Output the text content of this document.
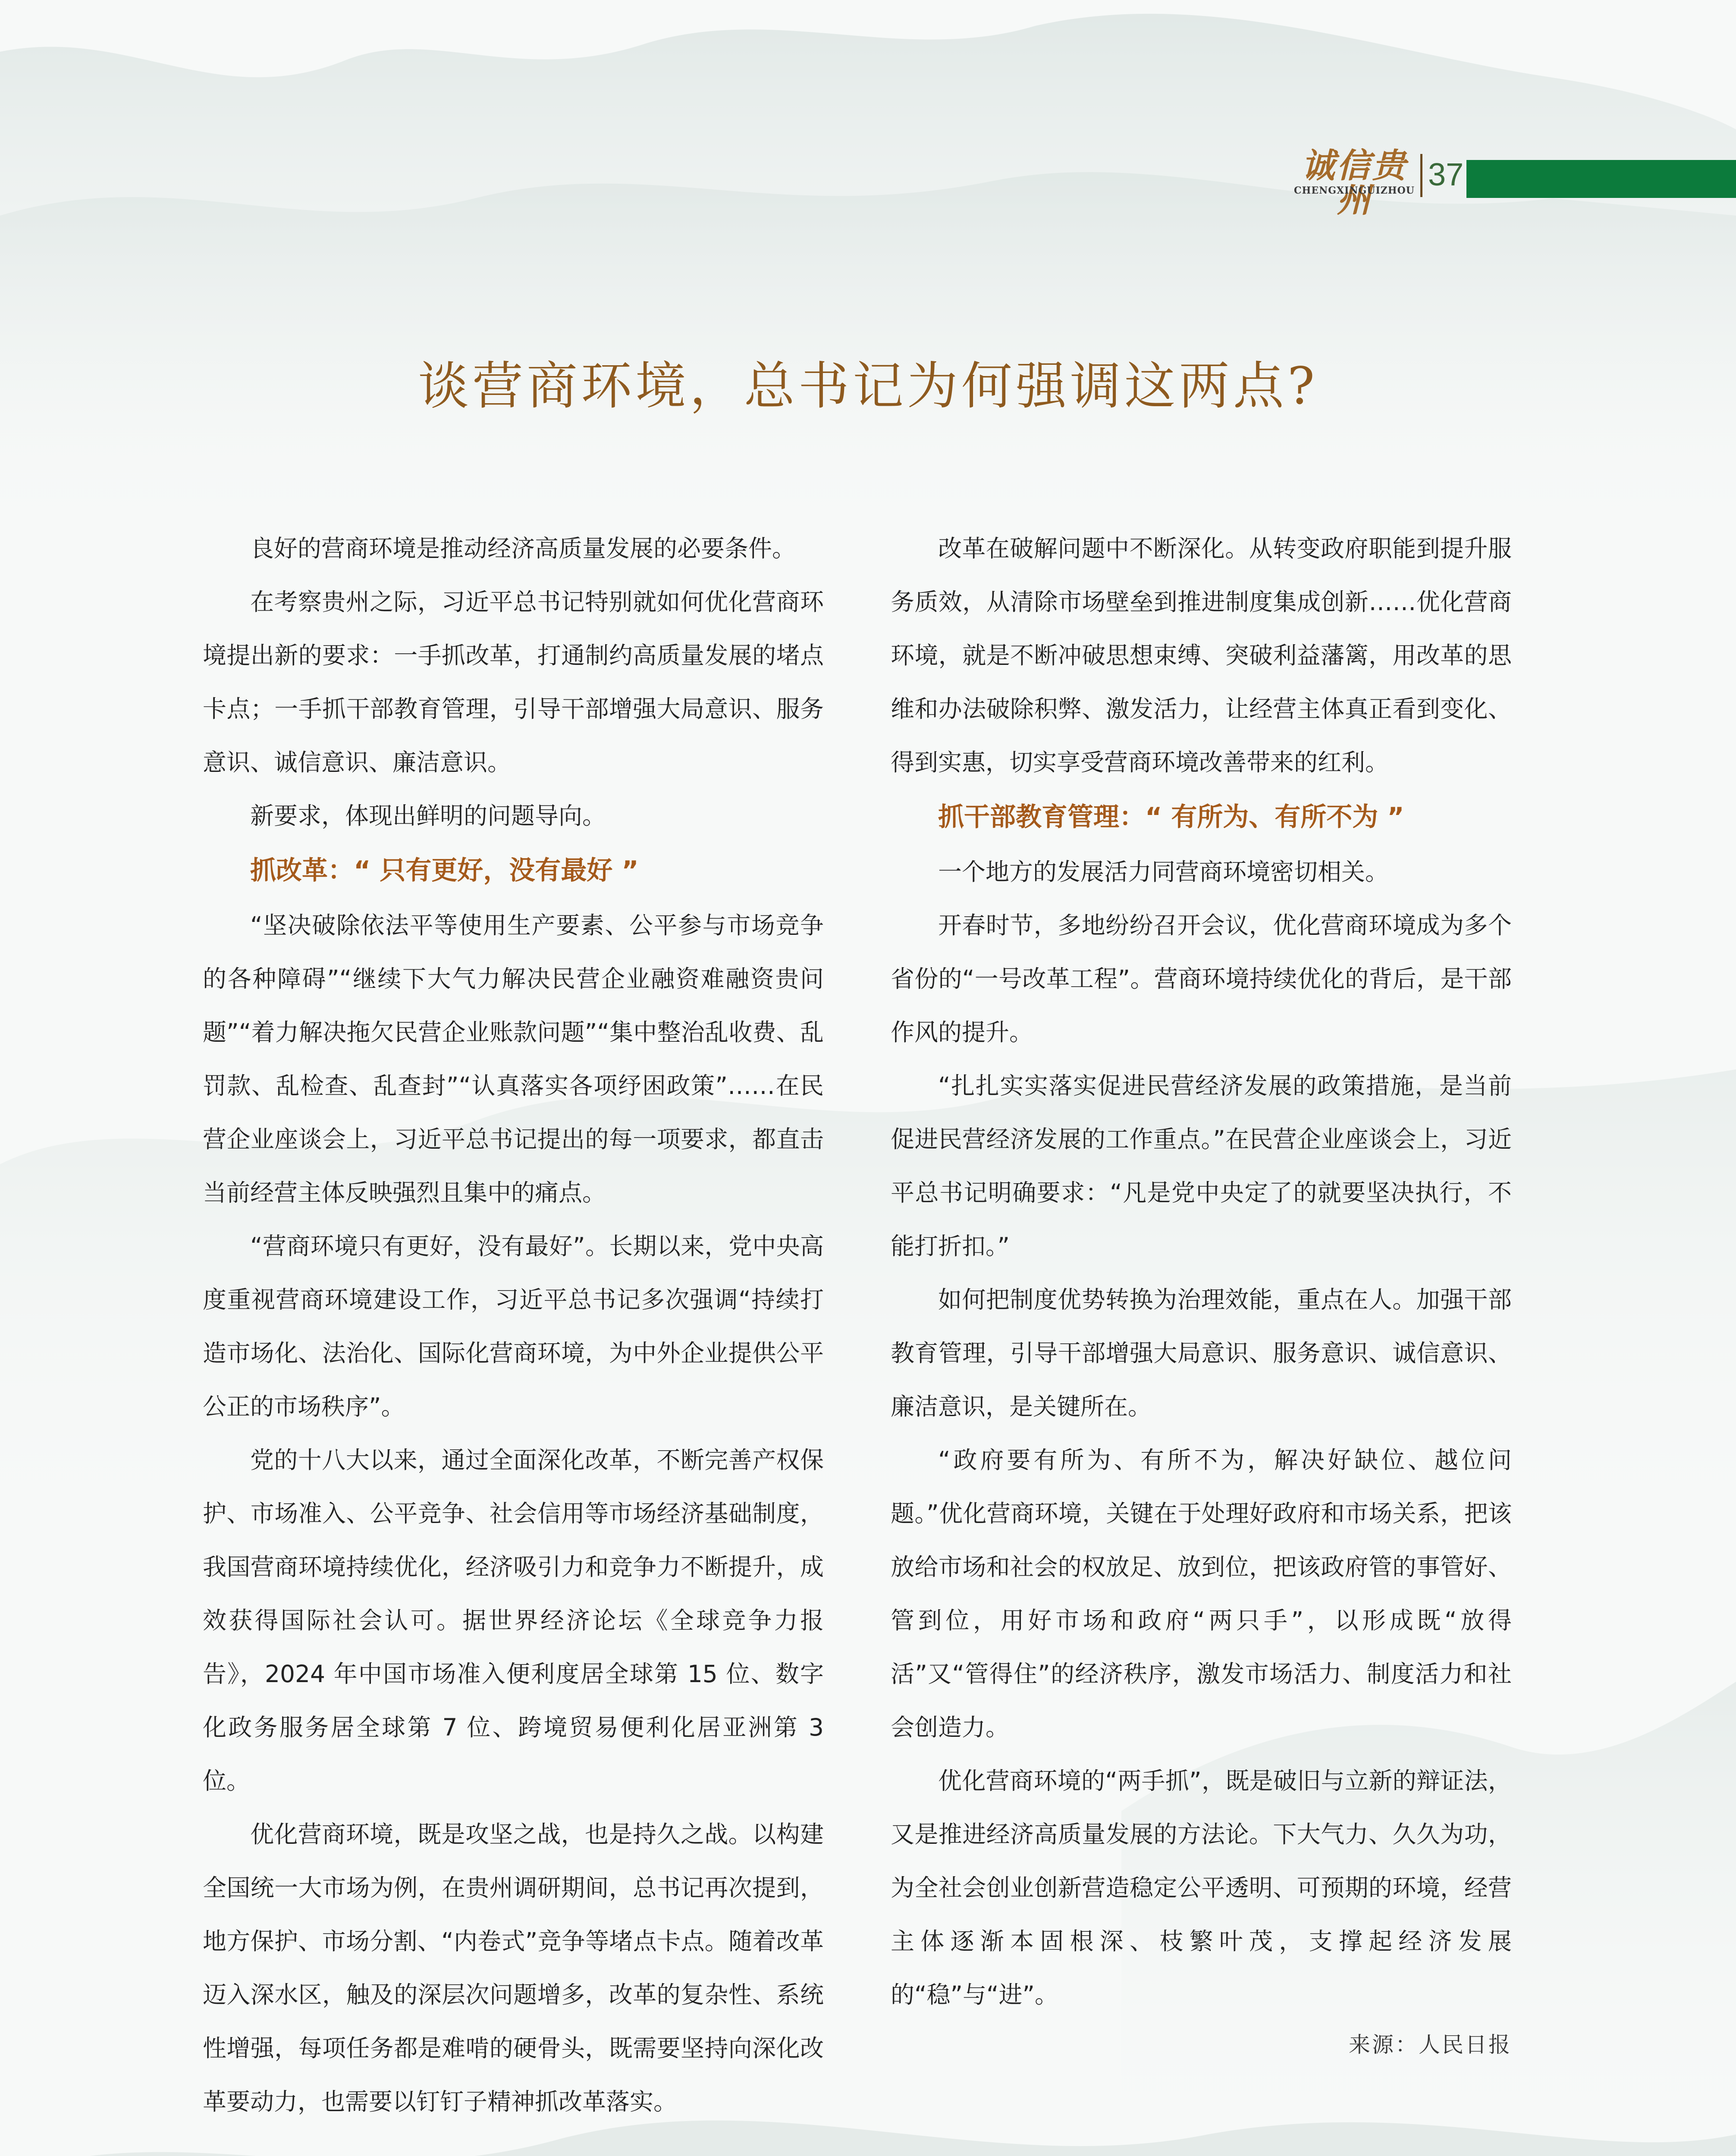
诚信贵州
CHENGXINGUIZHOU 37
谈营商环境，总书记为何强调这两点?

良好的营商环境是推动经济高质量发展的必要条件。

在考察贵州之际，习近平总书记特别就如何优化营商环境提出新的要求：一手抓改革，打通制约高质量发展的堵点卡点；一手抓干部教育管理，引导干部增强大局意识、服务意识、诚信意识、廉洁意识。

新要求，体现出鲜明的问题导向。

抓改革：“ 只有更好，没有最好 ”

“坚决破除依法平等使用生产要素、公平参与市场竞争的各种障碍”“继续下大气力解决民营企业融资难融资贵问题”“着力解决拖欠民营企业账款问题”“集中整治乱收费、乱罚款、乱检查、乱查封”“认真落实各项纾困政策”……在民营企业座谈会上，习近平总书记提出的每一项要求，都直击当前经营主体反映强烈且集中的痛点。

“营商环境只有更好，没有最好”。长期以来，党中央高度重视营商环境建设工作，习近平总书记多次强调“持续打造市场化、法治化、国际化营商环境，为中外企业提供公平公正的市场秩序”。

党的十八大以来，通过全面深化改革，不断完善产权保护、市场准入、公平竞争、社会信用等市场经济基础制度，我国营商环境持续优化，经济吸引力和竞争力不断提升，成效获得国际社会认可。据世界经济论坛《全球竞争力报告》，2024 年中国市场准入便利度居全球第 15 位、数字化政务服务居全球第 7 位、跨境贸易便利化居亚洲第 3 位。

优化营商环境，既是攻坚之战，也是持久之战。以构建全国统一大市场为例，在贵州调研期间，总书记再次提到，地方保护、市场分割、“内卷式”竞争等堵点卡点。随着改革迈入深水区，触及的深层次问题增多，改革的复杂性、系统性增强，每项任务都是难啃的硬骨头，既需要坚持向深化改革要动力，也需要以钉钉子精神抓改革落实。

改革在破解问题中不断深化。从转变政府职能到提升服务质效，从清除市场壁垒到推进制度集成创新……优化营商环境，就是不断冲破思想束缚、突破利益藩篱，用改革的思维和办法破除积弊、激发活力，让经营主体真正看到变化、得到实惠，切实享受营商环境改善带来的红利。

抓干部教育管理：“ 有所为、有所不为 ”

一个地方的发展活力同营商环境密切相关。

开春时节，多地纷纷召开会议，优化营商环境成为多个省份的“一号改革工程”。营商环境持续优化的背后，是干部作风的提升。

“扎扎实实落实促进民营经济发展的政策措施，是当前促进民营经济发展的工作重点。”在民营企业座谈会上，习近平总书记明确要求：“凡是党中央定了的就要坚决执行，不能打折扣。”

如何把制度优势转换为治理效能，重点在人。加强干部教育管理，引导干部增强大局意识、服务意识、诚信意识、廉洁意识，是关键所在。

“政府要有所为、有所不为，解决好缺位、越位问题。”优化营商环境，关键在于处理好政府和市场关系，把该放给市场和社会的权放足、放到位，把该政府管的事管好、管到位，用好市场和政府“两只手”，以形成既“放得活”又“管得住”的经济秩序，激发市场活力、制度活力和社会创造力。

优化营商环境的“两手抓”，既是破旧与立新的辩证法，又是推进经济高质量发展的方法论。下大气力、久久为功，为全社会创业创新营造稳定公平透明、可预期的环境，经营主体逐渐本固根深、枝繁叶茂，支撑起经济发展的“稳”与“进”。

来源：人民日报
